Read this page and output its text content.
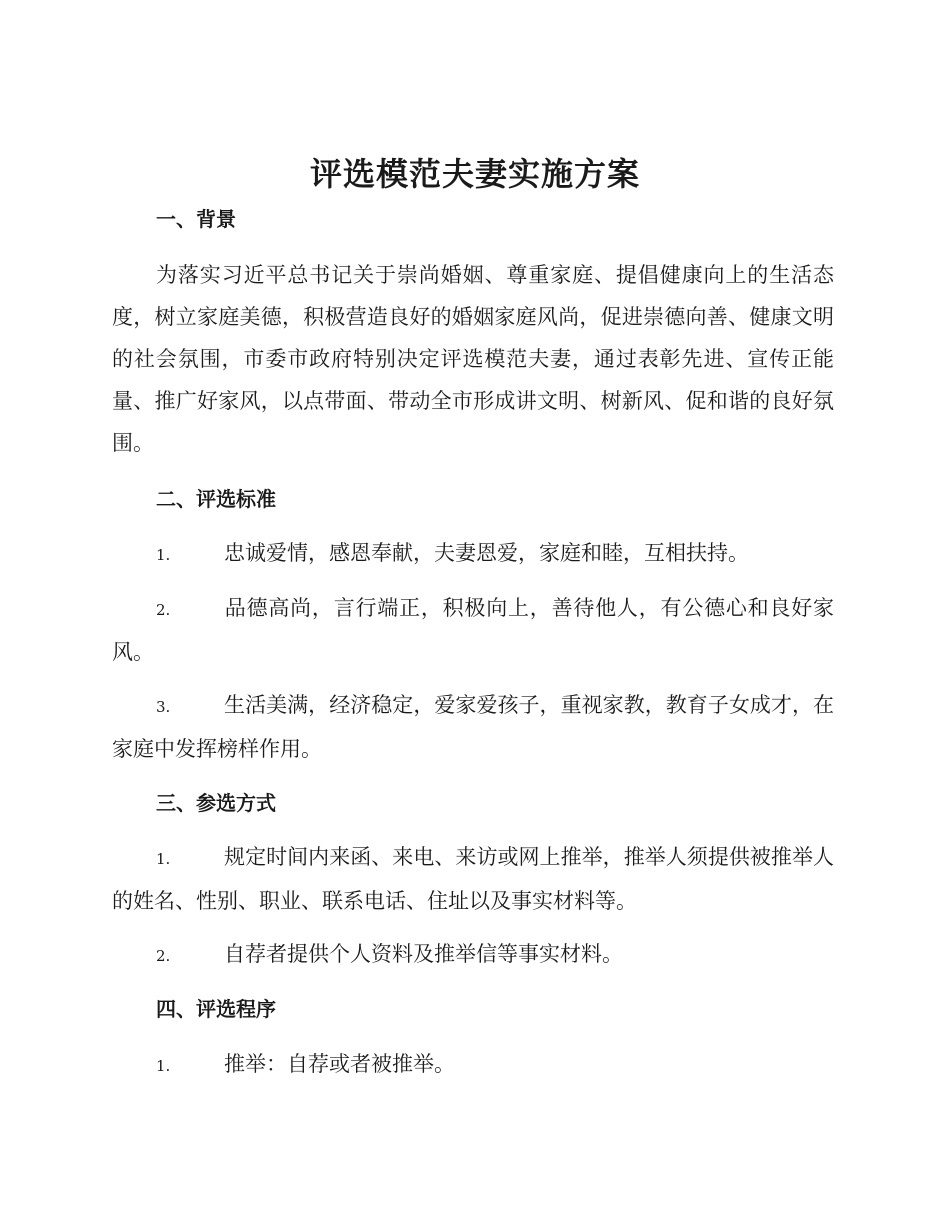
评选模范夫妻实施方案
一、背景

为落实习近平总书记关于崇尚婚姻、尊重家庭、提倡健康向上的生活态度，树立家庭美德，积极营造良好的婚姻家庭风尚，促进崇德向善、健康文明的社会氛围，市委市政府特别决定评选模范夫妻，通过表彰先进、宣传正能量、推广好家风，以点带面、带动全市形成讲文明、树新风、促和谐的良好氛围。

二、评选标准

1.	忠诚爱情，感恩奉献，夫妻恩爱，家庭和睦，互相扶持。

2.	品德高尚，言行端正，积极向上，善待他人，有公德心和良好家风。

3.	生活美满，经济稳定，爱家爱孩子，重视家教，教育子女成才，在家庭中发挥榜样作用。

三、参选方式

1.	规定时间内来函、来电、来访或网上推举，推举人须提供被推举人的姓名、性别、职业、联系电话、住址以及事实材料等。

2.	自荐者提供个人资料及推举信等事实材料。

四、评选程序

1.	推举：自荐或者被推举。
